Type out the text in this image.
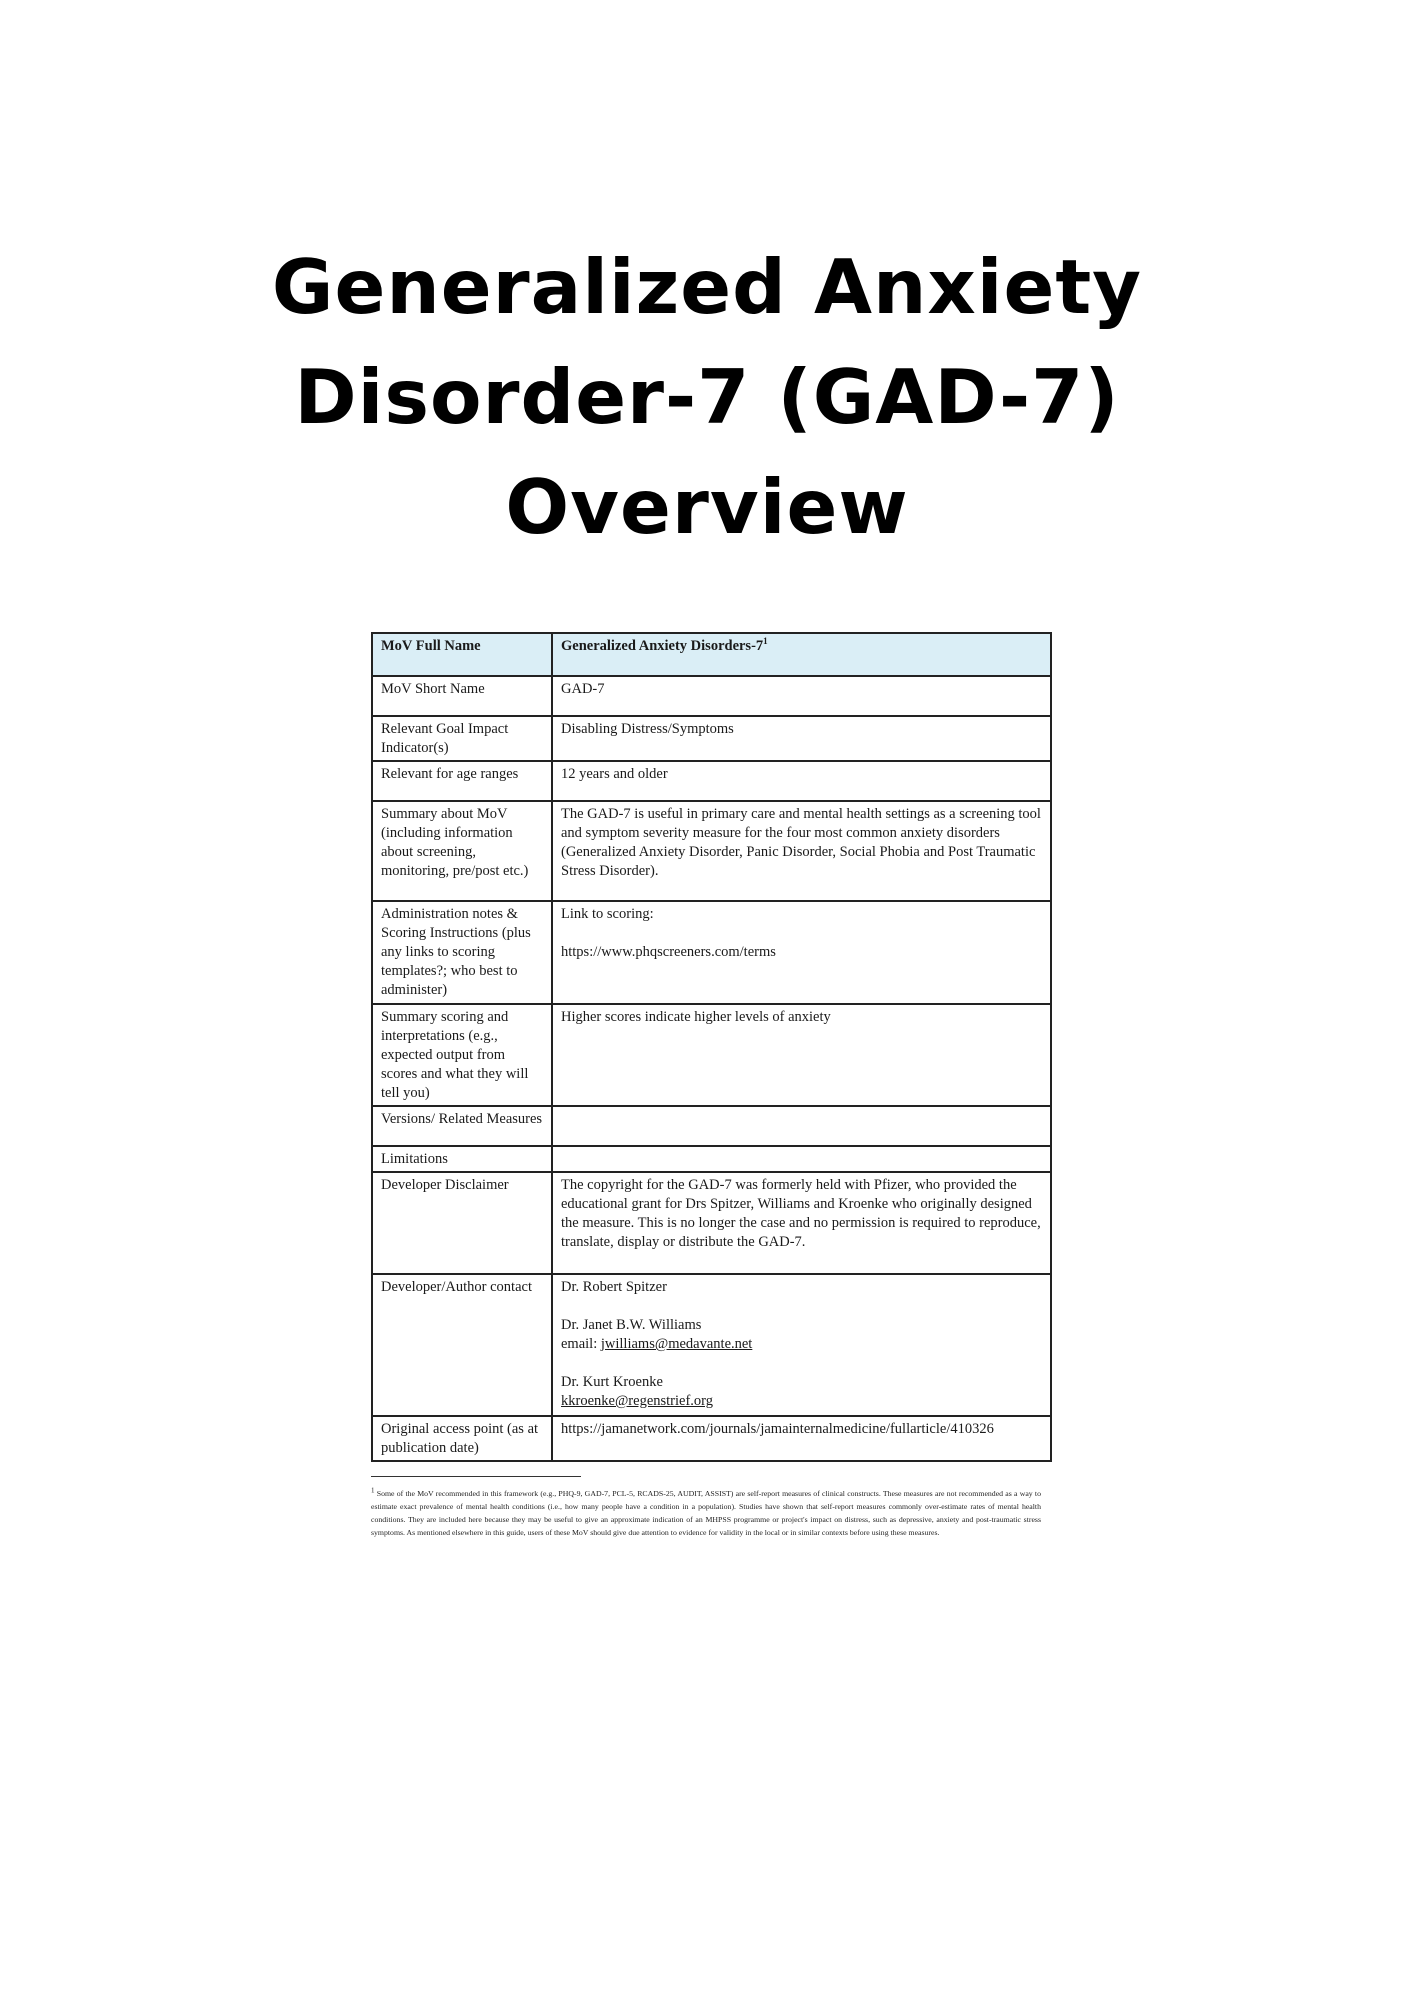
Generalized Anxiety
Disorder-7 (GAD-7)
Overview
MoV Full Name	Generalized Anxiety Disorders-$7^1$
MoV Short Name	GAD-7
Relevant Goal Impact Indicator(s)	Disabling Distress/Symptoms
Relevant for age ranges	12 years and older
Summary about MoV (including information about screening, monitoring, pre/post etc.)	The GAD-7 is useful in primary care and mental health settings as a screening tool and symptom severity measure for the four most common anxiety disorders (Generalized Anxiety Disorder, Panic Disorder, Social Phobia and Post Traumatic Stress Disorder).
Administration notes & Scoring Instructions (plus any links to scoring templates?; who best to administer)	Link to scoring:
https://www.phqscreeners.com/terms
Summary scoring and interpretations (e.g., expected output from scores and what they will tell you)	Higher scores indicate higher levels of anxiety
Versions/ Related Measures	
Limitations	
Developer Disclaimer	The copyright for the GAD-7 was formerly held with Pfizer, who provided the educational grant for Drs Spitzer, Williams and Kroenke who originally designed the measure. This is no longer the case and no permission is required to reproduce, translate, display or distribute the GAD-7.
Developer/Author contact	Dr. Robert Spitzer
Dr. Janet B.W. Williams
email: jwilliams@medavante.net
Dr. Kurt Kroenke
kkroenke@regenstrief.org
Original access point (as at publication date)	https://jamanetwork.com/journals/jamainternalmedicine/fullarticle/410326

1 Some of the MoV recommended in this framework (e.g., PHQ-9, GAD-7, PCL-5, RCADS-25, AUDIT, ASSIST) are self-report measures of clinical constructs. These measures are not recommended as a way to estimate exact prevalence of mental health conditions (i.e., how many people have a condition in a population). Studies have shown that self-report measures commonly over-estimate rates of mental health conditions. They are included here because they may be useful to give an approximate indication of an MHPSS programme or project's impact on distress, such as depressive, anxiety and post-traumatic stress symptoms. As mentioned elsewhere in this guide, users of these MoV should give due attention to evidence for validity in the local or in similar contexts before using these measures.
